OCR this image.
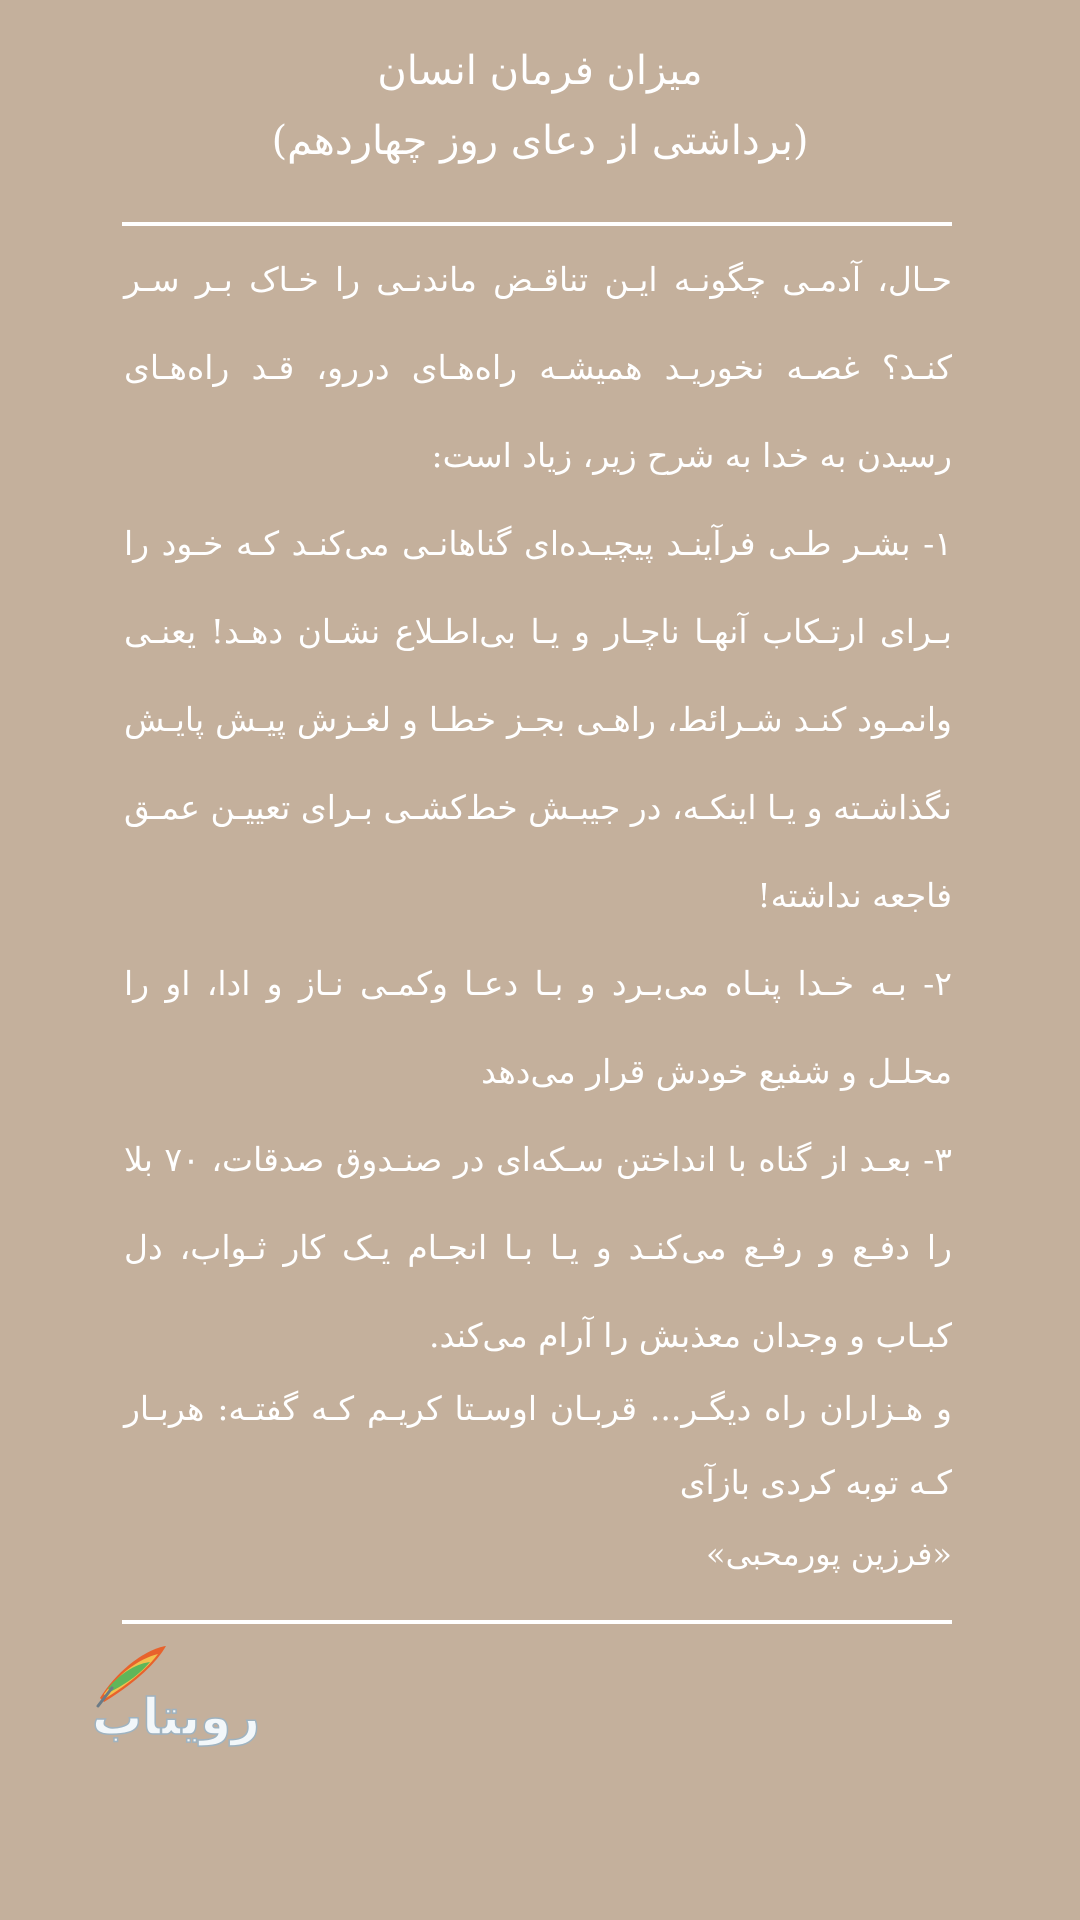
میزان فرمان انسان
(برداشتی از دعای روز چهاردهم)

حـال، آدمـی چگونـه ایـن تناقـض ماندنـی را خـاک بـر سـر کنـد؟ غصـه نخوریـد همیشـه راه‌هـای دررو، قـد راه‌هـای رسیدن به خدا به شرح زیر، زیاد است:

۱- بشـر طـی فرآینـد پیچیـده‌ای گناهانـی می‌کنـد کـه خـود را بـرای ارتـکاب آنهـا ناچـار و یـا بی‌اطـلاع نشـان دهـد! یعنـی وانمـود کنـد شـرائط، راهـی بجـز خطـا و لغـزش پیـش پایـش نگذاشـته و یـا اینکـه، در جیبـش خط‌کشـی بـرای تعییـن عمـق فاجعه نداشته!

۲- بـه خـدا پنـاه می‌بـرد و بـا دعـا وکمـی نـاز و ادا، او را محلـل و شفیع خودش قرار می‌دهد

۳- بعـد از گناه با انداختن سـکه‌ای در صنـدوق صدقات، ۷۰ بلا را دفـع و رفـع می‌کنـد و یـا بـا انجـام یـک کار ثـواب، دل کبـاب و وجدان معذبش را آرام می‌کند.

و هـزاران راه دیگـر... قربـان اوسـتا کریـم کـه گفتـه: هربـار کـه توبه کردی بازآی

«فرزین پورمحبی»
رویتاب
